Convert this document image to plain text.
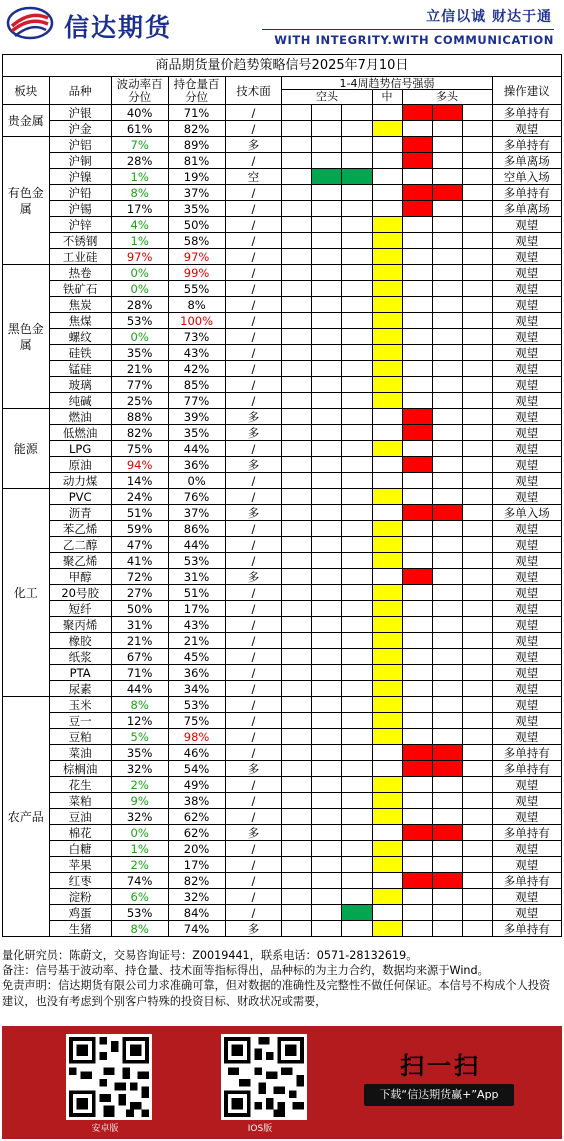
信达期货	立信以诚 财达于通
WITH INTEGRITY.WITH COMMUNICATION
商品期货量价趋势策略信号2025年7月10日												
板块	品种	波动率百分位	持仓量百分位	技术面	1-4周趋势信号强弱							操作建议
					空头			中	多头			
贵金属	沪银	40%	71%	/								多单持有
	沪金	61%	82%	/								观望
有色金属	沪铝	7%	89%	多								多单持有
	沪铜	28%	81%	/								多单离场
	沪镍	1%	19%	空								空单入场
	沪铅	8%	37%	/								多单持有
	沪锡	17%	35%	/								多单离场
	沪锌	4%	50%	/								观望
	不锈钢	1%	58%	/								观望
	工业硅	97%	97%	/								观望
黑色金属	热卷	0%	99%	/								观望
	铁矿石	0%	55%	/								观望
	焦炭	28%	8%	/								观望
	焦煤	53%	100%	/								观望
	螺纹	0%	73%	/								观望
	硅铁	35%	43%	/								观望
	锰硅	21%	42%	/								观望
	玻璃	77%	85%	/								观望
	纯碱	25%	77%	/								观望
能源	燃油	88%	39%	多								观望
	低燃油	82%	35%	多								观望
	LPG	75%	44%	/								观望
	原油	94%	36%	多								观望
	动力煤	14%	0%	/								观望
化工	PVC	24%	76%	/								观望
	沥青	51%	37%	多								多单入场
	苯乙烯	59%	86%	/								观望
	乙二醇	47%	44%	/								观望
	聚乙烯	41%	53%	/								观望
	甲醇	72%	31%	多								观望
	20号胶	27%	51%	/								观望
	短纤	50%	17%	/								观望
	聚丙烯	31%	43%	/								观望
	橡胶	21%	21%	/								观望
	纸浆	67%	45%	/								观望
	PTA	71%	36%	/								观望
	尿素	44%	34%	/								观望
农产品	玉米	8%	53%	/								观望
	豆一	12%	75%	/								观望
	豆粕	5%	98%	/								观望
	菜油	35%	46%	/								多单持有
	棕榈油	32%	54%	多								多单持有
	花生	2%	49%	/								观望
	菜粕	9%	38%	/								观望
	豆油	32%	62%	/								观望
	棉花	0%	62%	多								多单持有
	白糖	1%	20%	/								观望
	苹果	2%	17%	/								观望
	红枣	74%	82%	/								多单持有
	淀粉	6%	32%	/								观望
	鸡蛋	53%	84%	/								观望
	生猪	8%	74%	多								多单持有

量化研究员：陈蔚文，交易咨询证号：Z0019441，联系电话：0571-28132619。

备注：信号基于波动率、持仓量、技术面等指标得出，品种标的为主力合约，数据均来源于Wind。

免责声明：信达期货有限公司力求准确可靠，但对数据的准确性及完整性不做任何保证。本信号不构成个人投资建议，也没有考虑到个别客户特殊的投资目标、财政状况或需要，

安卓版	IOS版
扫一扫
下载“信达期货赢+”App
